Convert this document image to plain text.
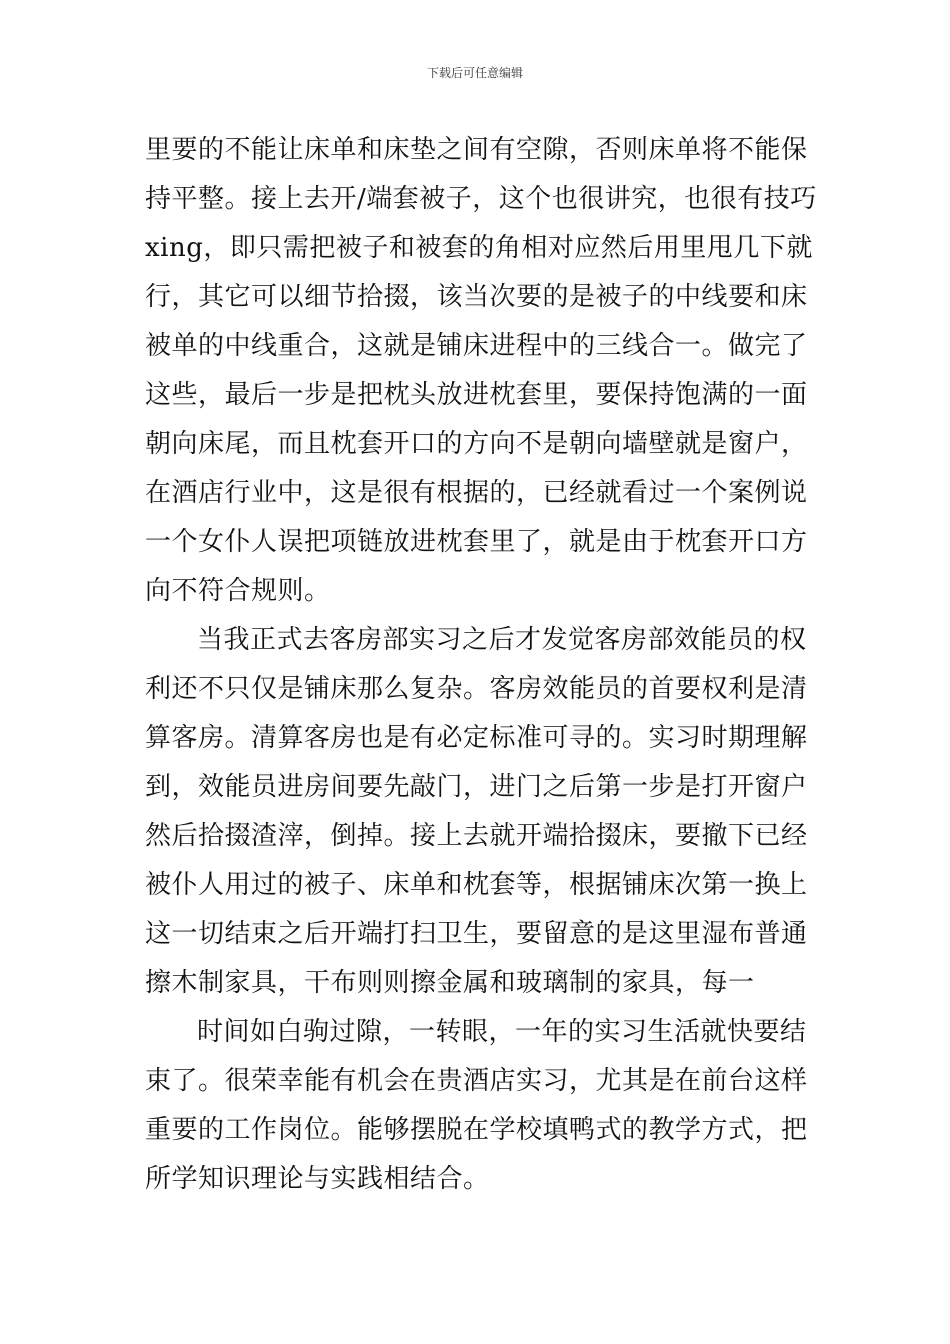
下载后可任意编辑
里要的不能让床单和床垫之间有空隙，否则床单将不能保
持平整。接上去开/端套被子，这个也很讲究，也很有技巧
xing，即只需把被子和被套的角相对应然后用里甩几下就
行，其它可以细节拾掇，该当次要的是被子的中线要和床
被单的中线重合，这就是铺床进程中的三线合一。做完了
这些，最后一步是把枕头放进枕套里，要保持饱满的一面
朝向床尾，而且枕套开口的方向不是朝向墙壁就是窗户，
在酒店行业中，这是很有根据的，已经就看过一个案例说
一个女仆人误把项链放进枕套里了，就是由于枕套开口方
向不符合规则。
当我正式去客房部实习之后才发觉客房部效能员的权
利还不只仅是铺床那么复杂。客房效能员的首要权利是清
算客房。清算客房也是有必定标准可寻的。实习时期理解
到，效能员进房间要先敲门，进门之后第一步是打开窗户
然后拾掇渣滓，倒掉。接上去就开端拾掇床，要撤下已经
被仆人用过的被子、床单和枕套等，根据铺床次第一换上
这一切结束之后开端打扫卫生，要留意的是这里湿布普通
擦木制家具，干布则则擦金属和玻璃制的家具，每一
时间如白驹过隙，一转眼，一年的实习生活就快要结
束了。很荣幸能有机会在贵酒店实习，尤其是在前台这样
重要的工作岗位。能够摆脱在学校填鸭式的教学方式，把
所学知识理论与实践相结合。
